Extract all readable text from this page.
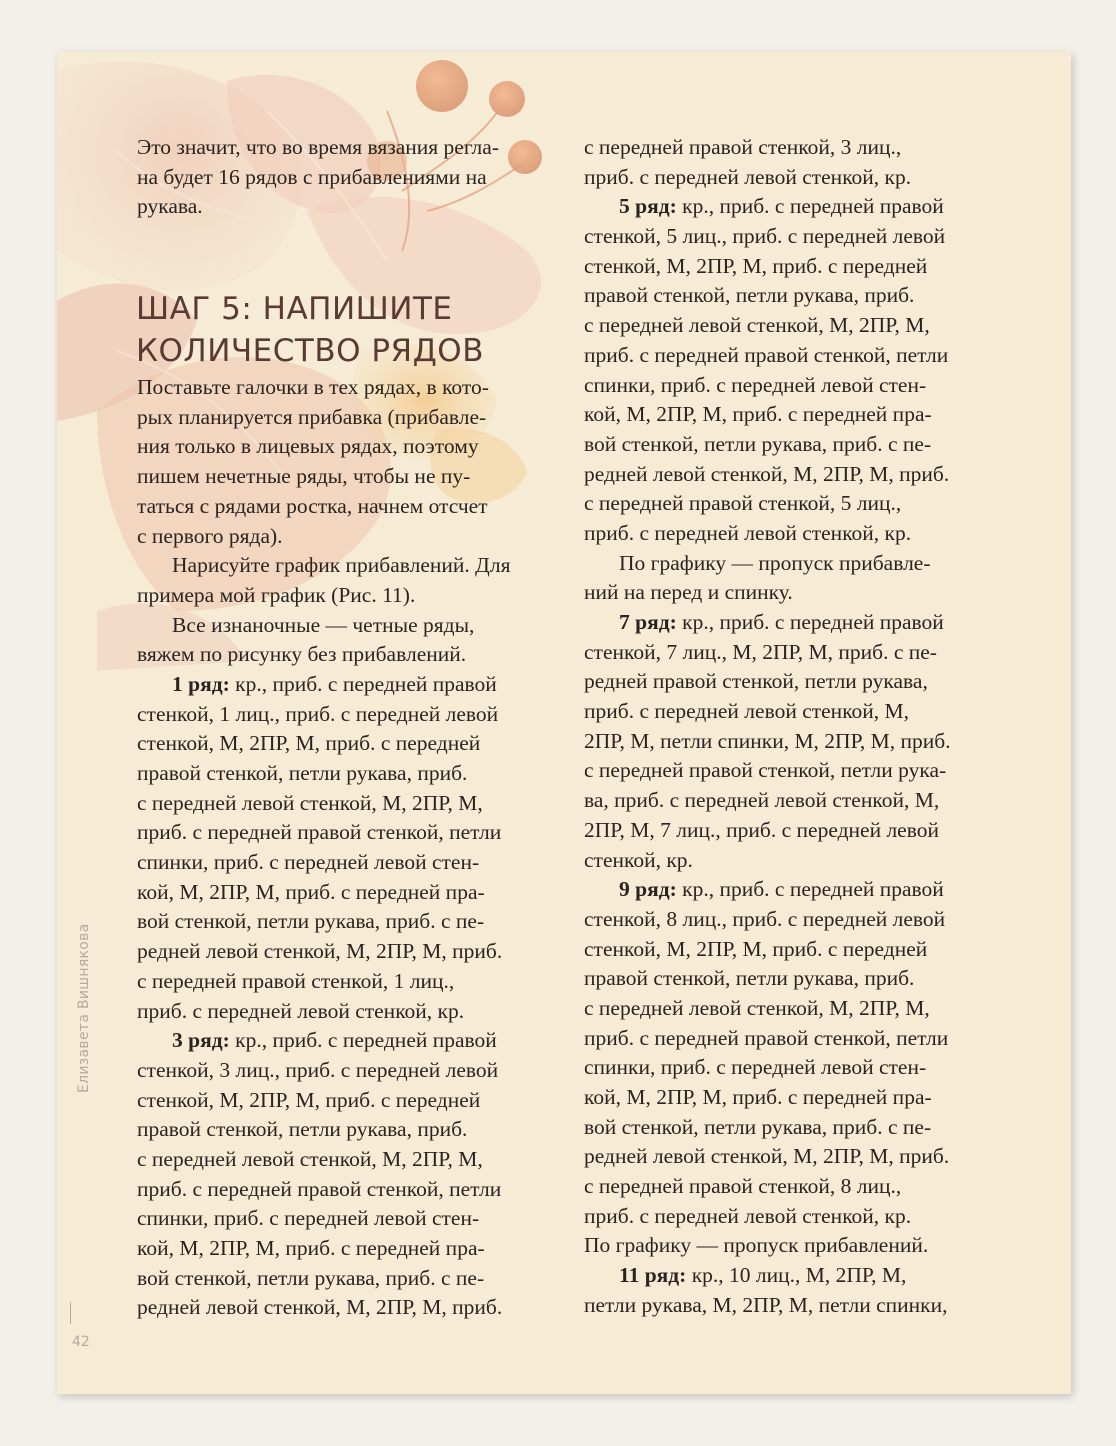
ШАГ 5: НАПИШИТЕ
КОЛИЧЕСТВО РЯДОВ
Это значит, что во время вязания регла-
на будет 16 рядов с прибавлениями на
рукава.
Поставьте галочки в тех рядах, в кото-
рых планируется прибавка (прибавле-
ния только в лицевых рядах, поэтому
пишем нечетные ряды, чтобы не пу-
таться с рядами ростка, начнем отсчет
с первого ряда).
Нарисуйте график прибавлений. Для
примера мой график (Рис. 11).
Все изнаночные — четные ряды,
вяжем по рисунку без прибавлений.
1 ряд: кр., приб. с передней правой
стенкой, 1 лиц., приб. с передней левой
стенкой, М, 2ПР, М, приб. с передней
правой стенкой, петли рукава, приб.
с передней левой стенкой, М, 2ПР, М,
приб. с передней правой стенкой, петли
спинки, приб. с передней левой стен-
кой, М, 2ПР, М, приб. с передней пра-
вой стенкой, петли рукава, приб. с пе-
редней левой стенкой, М, 2ПР, М, приб.
с передней правой стенкой, 1 лиц.,
приб. с передней левой стенкой, кр.
3 ряд: кр., приб. с передней правой
стенкой, 3 лиц., приб. с передней левой
стенкой, М, 2ПР, М, приб. с передней
правой стенкой, петли рукава, приб.
с передней левой стенкой, М, 2ПР, М,
приб. с передней правой стенкой, петли
спинки, приб. с передней левой стен-
кой, М, 2ПР, М, приб. с передней пра-
вой стенкой, петли рукава, приб. с пе-
редней левой стенкой, М, 2ПР, М, приб.
с передней правой стенкой, 3 лиц.,
приб. с передней левой стенкой, кр.
5 ряд: кр., приб. с передней правой
стенкой, 5 лиц., приб. с передней левой
стенкой, М, 2ПР, М, приб. с передней
правой стенкой, петли рукава, приб.
с передней левой стенкой, М, 2ПР, М,
приб. с передней правой стенкой, петли
спинки, приб. с передней левой стен-
кой, М, 2ПР, М, приб. с передней пра-
вой стенкой, петли рукава, приб. с пе-
редней левой стенкой, М, 2ПР, М, приб.
с передней правой стенкой, 5 лиц.,
приб. с передней левой стенкой, кр.
По графику — пропуск прибавле-
ний на перед и спинку.
7 ряд: кр., приб. с передней правой
стенкой, 7 лиц., М, 2ПР, М, приб. с пе-
редней правой стенкой, петли рукава,
приб. с передней левой стенкой, М,
2ПР, М, петли спинки, М, 2ПР, М, приб.
с передней правой стенкой, петли рука-
ва, приб. с передней левой стенкой, М,
2ПР, М, 7 лиц., приб. с передней левой
стенкой, кр.
9 ряд: кр., приб. с передней правой
стенкой, 8 лиц., приб. с передней левой
стенкой, М, 2ПР, М, приб. с передней
правой стенкой, петли рукава, приб.
с передней левой стенкой, М, 2ПР, М,
приб. с передней правой стенкой, петли
спинки, приб. с передней левой стен-
кой, М, 2ПР, М, приб. с передней пра-
вой стенкой, петли рукава, приб. с пе-
редней левой стенкой, М, 2ПР, М, приб.
с передней правой стенкой, 8 лиц.,
приб. с передней левой стенкой, кр.
По графику — пропуск прибавлений.
11 ряд: кр., 10 лиц., М, 2ПР, М,
петли рукава, М, 2ПР, М, петли спинки,
Елизавета Вишнякова
42
